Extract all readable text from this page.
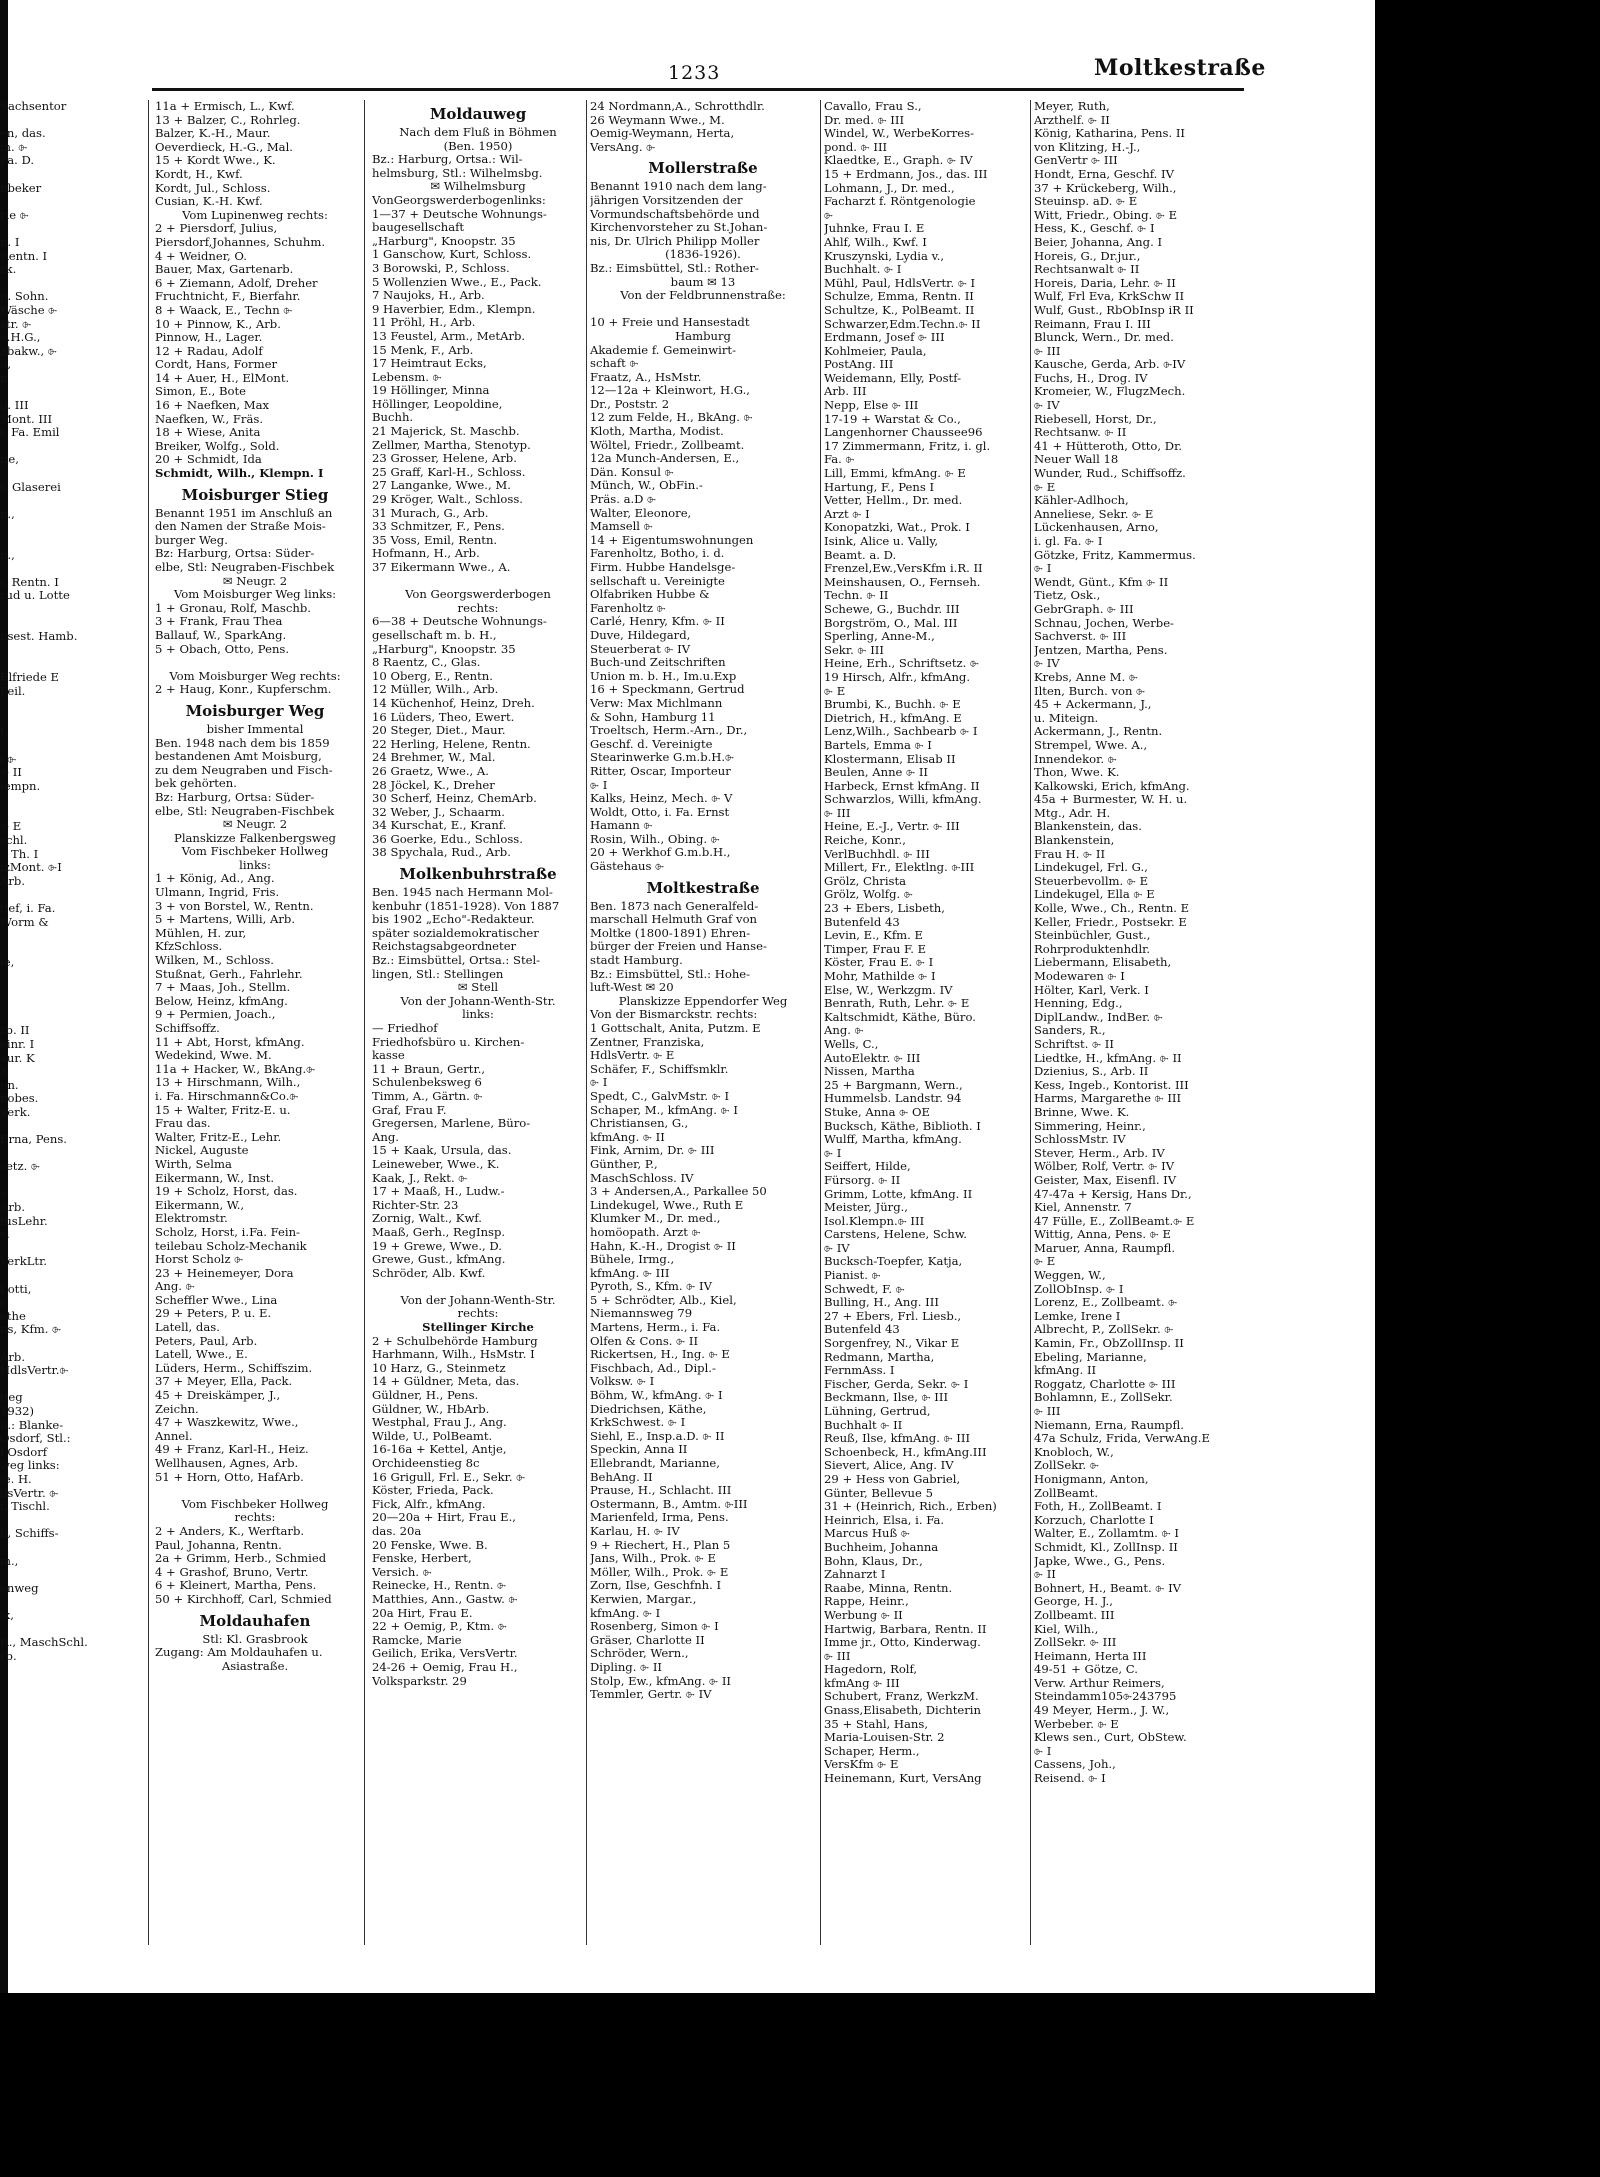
1233	Moltkestraße
Sachsentor

en, das.
m. ⌱
Fa. D.

nbeker

rie ⌱

n. I
Rentn. I
rk.

u. Sohn.
Wäsche ⌱
str. ⌱
o.H.G.,
abakw., ⌱
d,
n

g. III
Mont. III
i. Fa. Emil

ite,

t, Glaserei

n.,

n.,

r, Rentn. I
rud u. Lotte

nsest. Hamb.

Elfriede E
Feil.

t,

ɪ ⌱
⌱ II
lempn.

⌱ E
schl.
., Th. I
izMont. ⌱I
Arb.

tlef, i. Fa.
Worm &

le,

rb. II
einr. I
aur. K
a
nn.
nobes.
Verk.

Erna, Pens.

setz. ⌱

ĕ
Arb.
fusLehr.
s.

VerkLtr.

Lotti,
r
ethe
ns, Kfm. ⌱

Arb.
HdlsVertr.⌱

tieg
1932)
u.: Blanke-
Osdorf, Stl.:
i Osdorf
weg links:
ie. H.
llsVertr. ⌱
i, Tischl.

h, Schiffs-

m.,

enweg

lx,

R., MaschSchl.
rb.
11a + Ermisch, L., Kwf.
13 + Balzer, C., Rohrleg.
Balzer, K.-H., Maur.
Oeverdieck, H.-G., Mal.
15 + Kordt Wwe., K.
Kordt, H., Kwf.
Kordt, Jul., Schloss.
Cusian, K.-H. Kwf.
Vom Lupinenweg rechts:
2 + Piersdorf, Julius,
Piersdorf,Johannes, Schuhm.
4 + Weidner, O.
Bauer, Max, Gartenarb.
6 + Ziemann, Adolf, Dreher
Fruchtnicht, F., Bierfahr.
8 + Waack, E., Techn ⌱
10 + Pinnow, K., Arb.
Pinnow, H., Lager.
12 + Radau, Adolf
Cordt, Hans, Former
14 + Auer, H., ElMont.
Simon, E., Bote
16 + Naefken, Max
Naefken, W., Fräs.
18 + Wiese, Anita
Breiker, Wolfg., Sold.
20 + Schmidt, Ida
Schmidt, Wilh., Klempn. I
Moisburger Stieg
Benannt 1951 im Anschluß an
den Namen der Straße Mois-
burger Weg.
Bz: Harburg, Ortsa: Süder-
elbe, Stl: Neugraben-Fischbek
✉ Neugr. 2
Vom Moisburger Weg links:
1 + Gronau, Rolf, Maschb.
3 + Frank, Frau Thea
Ballauf, W., SparkAng.
5 + Obach, Otto, Pens.

Vom Moisburger Weg rechts:
2 + Haug, Konr., Kupferschm.
Moisburger Weg
bisher Immental
Ben. 1948 nach dem bis 1859
bestandenen Amt Moisburg,
zu dem Neugraben und Fisch-
bek gehörten.
Bz: Harburg, Ortsa: Süder-
elbe, Stl: Neugraben-Fischbek
✉ Neugr. 2
Planskizze Falkenbergsweg
Vom Fischbeker Hollweg
links:
1 + König, Ad., Ang.
Ulmann, Ingrid, Fris.
3 + von Borstel, W., Rentn.
5 + Martens, Willi, Arb.
Mühlen, H. zur,
KfzSchloss.
Wilken, M., Schloss.
Stußnat, Gerh., Fahrlehr.
7 + Maas, Joh., Stellm.
Below, Heinz, kfmAng.
9 + Permien, Joach.,
Schiffsoffz.
11 + Abt, Horst, kfmAng.
Wedekind, Wwe. M.
11a + Hacker, W., BkAng.⌱
13 + Hirschmann, Wilh.,
i. Fa. Hirschmann&Co.⌱
15 + Walter, Fritz-E. u.
Frau das.
Walter, Fritz-E., Lehr.
Nickel, Auguste
Wirth, Selma
Eikermann, W., Inst.
19 + Scholz, Horst, das.
Eikermann, W.,
Elektromstr.
Scholz, Horst, i.Fa. Fein-
teilebau Scholz-Mechanik
Horst Scholz ⌱
23 + Heinemeyer, Dora
Ang. ⌱
Scheffler Wwe., Lina
29 + Peters, P. u. E.
Latell, das.
Peters, Paul, Arb.
Latell, Wwe., E.
Lüders, Herm., Schiffszim.
37 + Meyer, Ella, Pack.
45 + Dreiskämper, J.,
Zeichn.
47 + Waszkewitz, Wwe.,
Annel.
49 + Franz, Karl-H., Heiz.
Wellhausen, Agnes, Arb.
51 + Horn, Otto, HafArb.

Vom Fischbeker Hollweg
rechts:
2 + Anders, K., Werftarb.
Paul, Johanna, Rentn.
2a + Grimm, Herb., Schmied
4 + Grashof, Bruno, Vertr.
6 + Kleinert, Martha, Pens.
50 + Kirchhoff, Carl, Schmied
Moldauhafen
Stl: Kl. Grasbrook
Zugang: Am Moldauhafen u.
Asiastraße.
Moldauweg
Nach dem Fluß in Böhmen
(Ben. 1950)
Bz.: Harburg, Ortsa.: Wil-
helmsburg, Stl.: Wilhelmsbg.
✉ Wilhelmsburg
VonGeorgswerderbogenlinks:
1—37 + Deutsche Wohnungs-
baugesellschaft
„Harburg", Knoopstr. 35
1 Ganschow, Kurt, Schloss.
3 Borowski, P., Schloss.
5 Wollenzien Wwe., E., Pack.
7 Naujoks, H., Arb.
9 Haverbier, Edm., Klempn.
11 Pröhl, H., Arb.
13 Feustel, Arm., MetArb.
15 Menk, F., Arb.
17 Heimtraut Ecks,
Lebensm. ⌱
19 Höllinger, Minna
Höllinger, Leopoldine,
Buchh.
21 Majerick, St. Maschb.
Zellmer, Martha, Stenotyp.
23 Grosser, Helene, Arb.
25 Graff, Karl-H., Schloss.
27 Langanke, Wwe., M.
29 Kröger, Walt., Schloss.
31 Murach, G., Arb.
33 Schmitzer, F., Pens.
35 Voss, Emil, Rentn.
Hofmann, H., Arb.
37 Eikermann Wwe., A.

Von Georgswerderbogen
rechts:
6—38 + Deutsche Wohnungs-
gesellschaft m. b. H.,
„Harburg", Knoopstr. 35
8 Raentz, C., Glas.
10 Oberg, E., Rentn.
12 Müller, Wilh., Arb.
14 Küchenhof, Heinz, Dreh.
16 Lüders, Theo, Ewert.
20 Steger, Diet., Maur.
22 Herling, Helene, Rentn.
24 Brehmer, W., Mal.
26 Graetz, Wwe., A.
28 Jöckel, K., Dreher
30 Scherf, Heinz, ChemArb.
32 Weber, J., Schaarm.
34 Kurschat, E., Kranf.
36 Goerke, Edu., Schloss.
38 Spychala, Rud., Arb.
Molkenbuhrstraße
Ben. 1945 nach Hermann Mol-
kenbuhr (1851-1928). Von 1887
bis 1902 „Echo"-Redakteur.
später sozialdemokratischer
Reichstagsabgeordneter
Bz.: Eimsbüttel, Ortsa.: Stel-
lingen, Stl.: Stellingen
✉ Stell
Von der Johann-Wenth-Str.
links:
— Friedhof
Friedhofsbüro u. Kirchen-
kasse
11 + Braun, Gertr.,
Schulenbeksweg 6
Timm, A., Gärtn. ⌱
Graf, Frau F.
Gregersen, Marlene, Büro-
Ang.
15 + Kaak, Ursula, das.
Leineweber, Wwe., K.
Kaak, J., Rekt. ⌱
17 + Maaß, H., Ludw.-
Richter-Str. 23
Zornig, Walt., Kwf.
Maaß, Gerh., RegInsp.
19 + Grewe, Wwe., D.
Grewe, Gust., kfmAng.
Schröder, Alb. Kwf.

Von der Johann-Wenth-Str.
rechts:
Stellinger Kirche
2 + Schulbehörde Hamburg
Harhmann, Wilh., HsMstr. I
10 Harz, G., Steinmetz
14 + Güldner, Meta, das.
Güldner, H., Pens.
Güldner, W., HbArb.
Westphal, Frau J., Ang.
Wilde, U., PolBeamt.
16-16a + Kettel, Antje,
Orchideenstieg 8c
16 Grigull, Frl. E., Sekr. ⌱
Köster, Frieda, Pack.
Fick, Alfr., kfmAng.
20—20a + Hirt, Frau E.,
das. 20a
20 Fenske, Wwe. B.
Fenske, Herbert,
Versich. ⌱
Reinecke, H., Rentn. ⌱
Matthies, Ann., Gastw. ⌱
20a Hirt, Frau E.
22 + Oemig, P., Ktm. ⌱
Ramcke, Marie
Geilich, Erika, VersVertr.
24-26 + Oemig, Frau H.,
Volksparkstr. 29
24 Nordmann,A., Schrotthdlr.
26 Weymann Wwe., M.
Oemig-Weymann, Herta,
VersAng. ⌱
Mollerstraße
Benannt 1910 nach dem lang-
jährigen Vorsitzenden der
Vormundschaftsbehörde und
Kirchenvorsteher zu St.Johan-
nis, Dr. Ulrich Philipp Moller
(1836-1926).
Bz.: Eimsbüttel, Stl.: Rother-
baum ✉ 13
Von der Feldbrunnenstraße:

10 + Freie und Hansestadt
Hamburg
Akademie f. Gemeinwirt-
schaft ⌱
Fraatz, A., HsMstr.
12—12a + Kleinwort, H.G.,
Dr., Poststr. 2
12 zum Felde, H., BkAng. ⌱
Kloth, Martha, Modist.
Wöltel, Friedr., Zollbeamt.
12a Munch-Andersen, E.,
Dän. Konsul ⌱
Münch, W., ObFin.-
Präs. a.D ⌱
Walter, Eleonore,
Mamsell ⌱
14 + Eigentumswohnungen
Farenholtz, Botho, i. d.
Firm. Hubbe Handelsge-
sellschaft u. Vereinigte
Olfabriken Hubbe &
Farenholtz ⌱
Carlé, Henry, Kfm. ⌱ II
Duve, Hildegard,
Steuerberat ⌱ IV
Buch-und Zeitschriften
Union m. b. H., Im.u.Exp
16 + Speckmann, Gertrud
Verw: Max Michlmann
& Sohn, Hamburg 11
Troeltsch, Herm.-Arn., Dr.,
Geschf. d. Vereinigte
Stearinwerke G.m.b.H.⌱
Ritter, Oscar, Importeur
⌱ I
Kalks, Heinz, Mech. ⌱ V
Woldt, Otto, i. Fa. Ernst
Hamann ⌱
Rosin, Wilh., Obing. ⌱
20 + Werkhof G.m.b.H.,
Gästehaus ⌱
Moltkestraße
Ben. 1873 nach Generalfeld-
marschall Helmuth Graf von
Moltke (1800-1891) Ehren-
bürger der Freien und Hanse-
stadt Hamburg.
Bz.: Eimsbüttel, Stl.: Hohe-
luft-West ✉ 20
Planskizze Eppendorfer Weg
Von der Bismarckstr. rechts:
1 Gottschalt, Anita, Putzm. E
Zentner, Franziska,
HdlsVertr. ⌱ E
Schäfer, F., Schiffsmklr.
⌱ I
Spedt, C., GalvMstr. ⌱ I
Schaper, M., kfmAng. ⌱ I
Christiansen, G.,
kfmAng. ⌱ II
Fink, Arnim, Dr. ⌱ III
Günther, P.,
MaschSchloss. IV
3 + Andersen,A., Parkallee 50
Lindekugel, Wwe., Ruth E
Klumker M., Dr. med.,
homöopath. Arzt ⌱
Hahn, K.-H., Drogist ⌱ II
Bühele, Irmg.,
kfmAng. ⌱ III
Pyroth, S., Kfm. ⌱ IV
5 + Schrödter, Alb., Kiel,
Niemannsweg 79
Martens, Herm., i. Fa.
Olfen & Cons. ⌱ II
Rickertsen, H., Ing. ⌱ E
Fischbach, Ad., Dipl.-
Volksw. ⌱ I
Böhm, W., kfmAng. ⌱ I
Diedrichsen, Käthe,
KrkSchwest. ⌱ I
Siehl, E., Insp.a.D. ⌱ II
Speckin, Anna II
Ellebrandt, Marianne,
BehAng. II
Prause, H., Schlacht. III
Ostermann, B., Amtm. ⌱III
Marienfeld, Irma, Pens.
Karlau, H. ⌱ IV
9 + Riechert, H., Plan 5
Jans, Wilh., Prok. ⌱ E
Möller, Wilh., Prok. ⌱ E
Zorn, Ilse, Geschfnh. I
Kerwien, Margar.,
kfmAng. ⌱ I
Rosenberg, Simon ⌱ I
Gräser, Charlotte II
Schröder, Wern.,
Dipling. ⌱ II
Stolp, Ew., kfmAng. ⌱ II
Temmler, Gertr. ⌱ IV
Cavallo, Frau S.,
Dr. med. ⌱ III
Windel, W., WerbeKorres-
pond. ⌱ III
Klaedtke, E., Graph. ⌱ IV
15 + Erdmann, Jos., das. III
Lohmann, J., Dr. med.,
Facharzt f. Röntgenologie
⌱
Juhnke, Frau I. E
Ahlf, Wilh., Kwf. I
Kruszynski, Lydia v.,
Buchhalt. ⌱ I
Mühl, Paul, HdlsVertr. ⌱ I
Schulze, Emma, Rentn. II
Schultze, K., PolBeamt. II
Schwarzer,Edm.Techn.⌱ II
Erdmann, Josef ⌱ III
Kohlmeier, Paula,
PostAng. III
Weidemann, Elly, Postf-
Arb. III
Nepp, Else ⌱ III
17-19 + Warstat & Co.,
Langenhorner Chaussee96
17 Zimmermann, Fritz, i. gl.
Fa. ⌱
Lill, Emmi, kfmAng. ⌱ E
Hartung, F., Pens I
Vetter, Hellm., Dr. med.
Arzt ⌱ I
Konopatzki, Wat., Prok. I
Isink, Alice u. Vally,
Beamt. a. D.
Frenzel,Ew.,VersKfm i.R. II
Meinshausen, O., Fernseh.
Techn. ⌱ II
Schewe, G., Buchdr. III
Borgström, O., Mal. III
Sperling, Anne-M.,
Sekr. ⌱ III
Heine, Erh., Schriftsetz. ⌱
19 Hirsch, Alfr., kfmAng.
⌱ E
Brumbi, K., Buchh. ⌱ E
Dietrich, H., kfmAng. E
Lenz,Wilh., Sachbearb ⌱ I
Bartels, Emma ⌱ I
Klostermann, Elisab II
Beulen, Anne ⌱ II
Harbeck, Ernst kfmAng. II
Schwarzlos, Willi, kfmAng.
⌱ III
Heine, E.-J., Vertr. ⌱ III
Reiche, Konr.,
VerlBuchhdl. ⌱ III
Millert, Fr., Elektlng. ⌱III
Grölz, Christa
Grölz, Wolfg. ⌱
23 + Ebers, Lisbeth,
Butenfeld 43
Levin, E., Kfm. E
Timper, Frau F. E
Köster, Frau E. ⌱ I
Mohr, Mathilde ⌱ I
Else, W., Werkzgm. IV
Benrath, Ruth, Lehr. ⌱ E
Kaltschmidt, Käthe, Büro.
Ang. ⌱
Wells, C.,
AutoElektr. ⌱ III
Nissen, Martha
25 + Bargmann, Wern.,
Hummelsb. Landstr. 94
Stuke, Anna ⌱ OE
Bucksch, Käthe, Biblioth. I
Wulff, Martha, kfmAng.
⌱ I
Seiffert, Hilde,
Fürsorg. ⌱ II
Grimm, Lotte, kfmAng. II
Meister, Jürg.,
Isol.Klempn.⌱ III
Carstens, Helene, Schw.
⌱ IV
Bucksch-Toepfer, Katja,
Pianist. ⌱
Schwedt, F. ⌱
Bulling, H., Ang. III
27 + Ebers, Frl. Liesb.,
Butenfeld 43
Sorgenfrey, N., Vikar E
Redmann, Martha,
FernmAss. I
Fischer, Gerda, Sekr. ⌱ I
Beckmann, Ilse, ⌱ III
Lühning, Gertrud,
Buchhalt ⌱ II
Reuß, Ilse, kfmAng. ⌱ III
Schoenbeck, H., kfmAng.III
Sievert, Alice, Ang. IV
29 + Hess von Gabriel,
Günter, Bellevue 5
31 + (Heinrich, Rich., Erben)
Heinrich, Elsa, i. Fa.
Marcus Huß ⌱
Buchheim, Johanna
Bohn, Klaus, Dr.,
Zahnarzt I
Raabe, Minna, Rentn.
Rappe, Heinr.,
Werbung ⌱ II
Hartwig, Barbara, Rentn. II
Imme jr., Otto, Kinderwag.
⌱ III
Hagedorn, Rolf,
kfmAng ⌱ III
Schubert, Franz, WerkzM.
Gnass,Elisabeth, Dichterin
35 + Stahl, Hans,
Maria-Louisen-Str. 2
Schaper, Herm.,
VersKfm ⌱ E
Heinemann, Kurt, VersAng
Meyer, Ruth,
Arzthelf. ⌱ II
König, Katharina, Pens. II
von Klitzing, H.-J.,
GenVertr ⌱ III
Hondt, Erna, Geschf. IV
37 + Krückeberg, Wilh.,
Steuinsp. aD. ⌱ E
Witt, Friedr., Obing. ⌱ E
Hess, K., Geschf. ⌱ I
Beier, Johanna, Ang. I
Horeis, G., Dr.jur.,
Rechtsanwalt ⌱ II
Horeis, Daria, Lehr. ⌱ II
Wulf, Frl Eva, KrkSchw II
Wulf, Gust., RbObInsp iR II
Reimann, Frau I. III
Blunck, Wern., Dr. med.
⌱ III
Kausche, Gerda, Arb. ⌱IV
Fuchs, H., Drog. IV
Kromeier, W., FlugzMech.
⌱ IV
Riebesell, Horst, Dr.,
Rechtsanw. ⌱ II
41 + Hütteroth, Otto, Dr.
Neuer Wall 18
Wunder, Rud., Schiffsoffz.
⌱ E
Kähler-Adlhoch,
Anneliese, Sekr. ⌱ E
Lückenhausen, Arno,
i. gl. Fa. ⌱ I
Götzke, Fritz, Kammermus.
⌱ I
Wendt, Günt., Kfm ⌱ II
Tietz, Osk.,
GebrGraph. ⌱ III
Schnau, Jochen, Werbe-
Sachverst. ⌱ III
Jentzen, Martha, Pens.
⌱ IV
Krebs, Anne M. ⌱
Ilten, Burch. von ⌱
45 + Ackermann, J.,
u. Miteign.
Ackermann, J., Rentn.
Strempel, Wwe. A.,
Innendekor. ⌱
Thon, Wwe. K.
Kalkowski, Erich, kfmAng.
45a + Burmester, W. H. u.
Mtg., Adr. H.
Blankenstein, das.
Blankenstein,
Frau H. ⌱ II
Lindekugel, Frl. G.,
Steuerbevollm. ⌱ E
Lindekugel, Ella ⌱ E
Kolle, Wwe., Ch., Rentn. E
Keller, Friedr., Postsekr. E
Steinbüchler, Gust.,
Rohrproduktenhdlr.
Liebermann, Elisabeth,
Modewaren ⌱ I
Hölter, Karl, Verk. I
Henning, Edg.,
DiplLandw., IndBer. ⌱
Sanders, R.,
Schriftst. ⌱ II
Liedtke, H., kfmAng. ⌱ II
Dzienius, S., Arb. II
Kess, Ingeb., Kontorist. III
Harms, Margarethe ⌱ III
Brinne, Wwe. K.
Simmering, Heinr.,
SchlossMstr. IV
Stever, Herm., Arb. IV
Wölber, Rolf, Vertr. ⌱ IV
Geister, Max, Eisenfl. IV
47-47a + Kersig, Hans Dr.,
Kiel, Annenstr. 7
47 Fülle, E., ZollBeamt.⌱ E
Wittig, Anna, Pens. ⌱ E
Maruer, Anna, Raumpfl.
⌱ E
Weggen, W.,
ZollObInsp. ⌱ I
Lorenz, E., Zollbeamt. ⌱
Lemke, Irene I
Albrecht, P., ZollSekr. ⌱
Kamin, Fr., ObZollInsp. II
Ebeling, Marianne,
kfmAng. II
Roggatz, Charlotte ⌱ III
Bohlamnn, E., ZollSekr.
⌱ III
Niemann, Erna, Raumpfl.
47a Schulz, Frida, VerwAng.E
Knobloch, W.,
ZollSekr. ⌱
Honigmann, Anton,
ZollBeamt.
Foth, H., ZollBeamt. I
Korzuch, Charlotte I
Walter, E., Zollamtm. ⌱ I
Schmidt, Kl., ZollInsp. II
Japke, Wwe., G., Pens.
⌱ II
Bohnert, H., Beamt. ⌱ IV
George, H. J.,
Zollbeamt. III
Kiel, Wilh.,
ZollSekr. ⌱ III
Heimann, Herta III
49-51 + Götze, C.
Verw. Arthur Reimers,
Steindamm105⌱243795
49 Meyer, Herm., J. W.,
Werbeber. ⌱ E
Klews sen., Curt, ObStew.
⌱ I
Cassens, Joh.,
Reisend. ⌱ I
